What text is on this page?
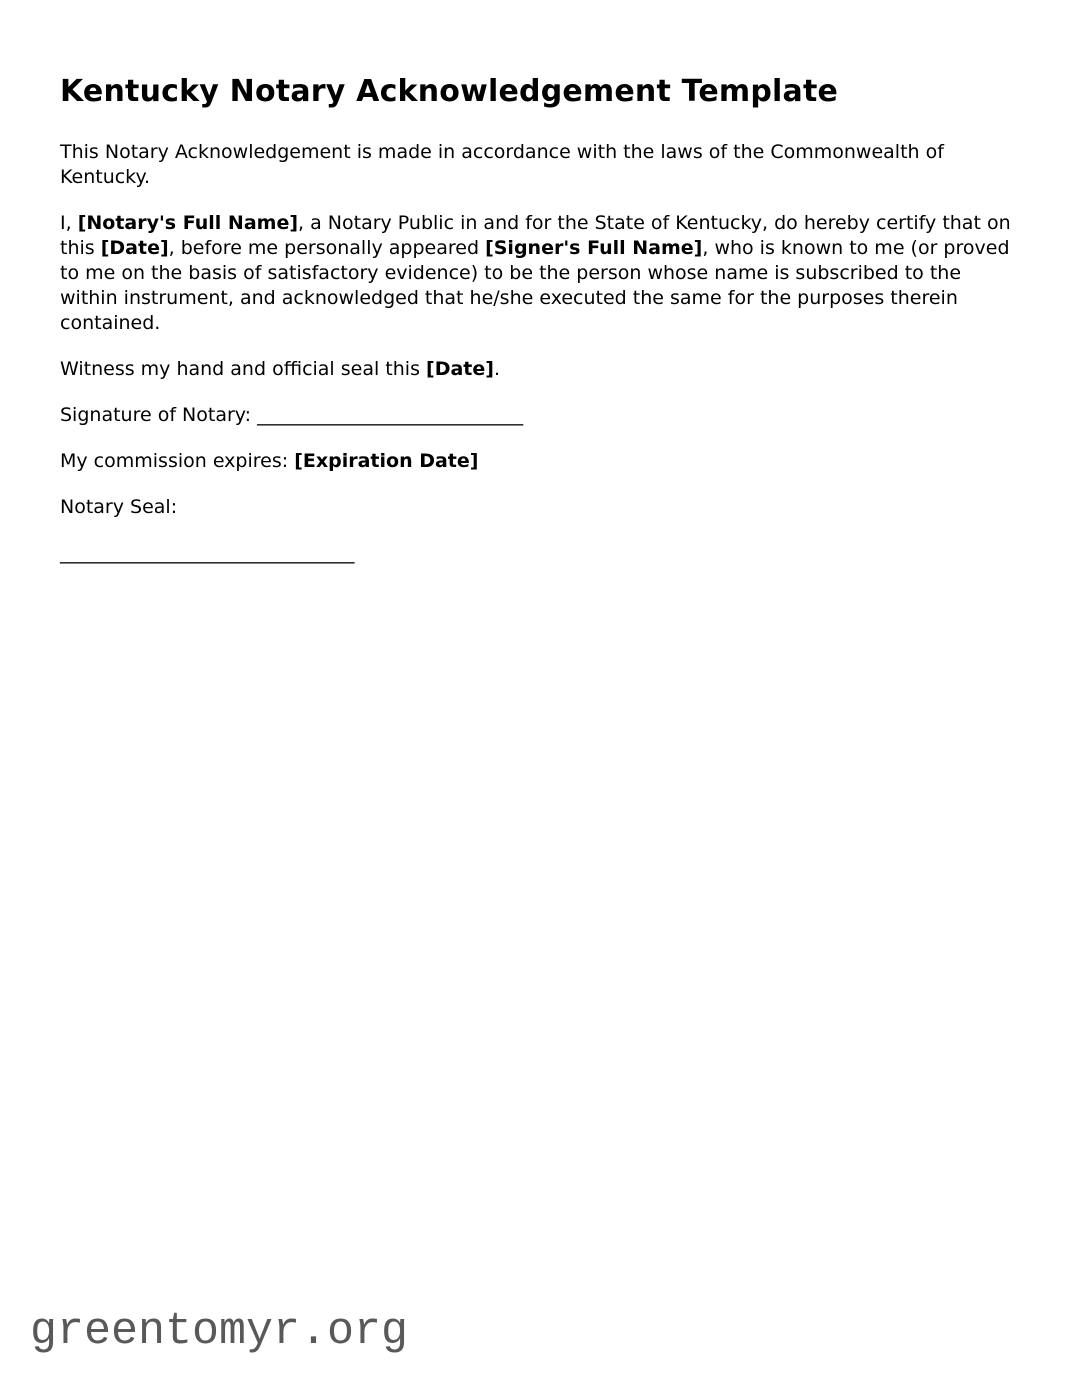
Kentucky Notary Acknowledgement Template

This Notary Acknowledgement is made in accordance with the laws of the Commonwealth of Kentucky.

I, [Notary's Full Name], a Notary Public in and for the State of Kentucky, do hereby certify that on this [Date], before me personally appeared [Signer's Full Name], who is known to me (or proved to me on the basis of satisfactory evidence) to be the person whose name is subscribed to the within instrument, and acknowledged that he/she executed the same for the purposes therein contained.

Witness my hand and official seal this [Date].

Signature of Notary: ____________________________

My commission expires: [Expiration Date]

Notary Seal:

_______________________________

greentomyr.org
